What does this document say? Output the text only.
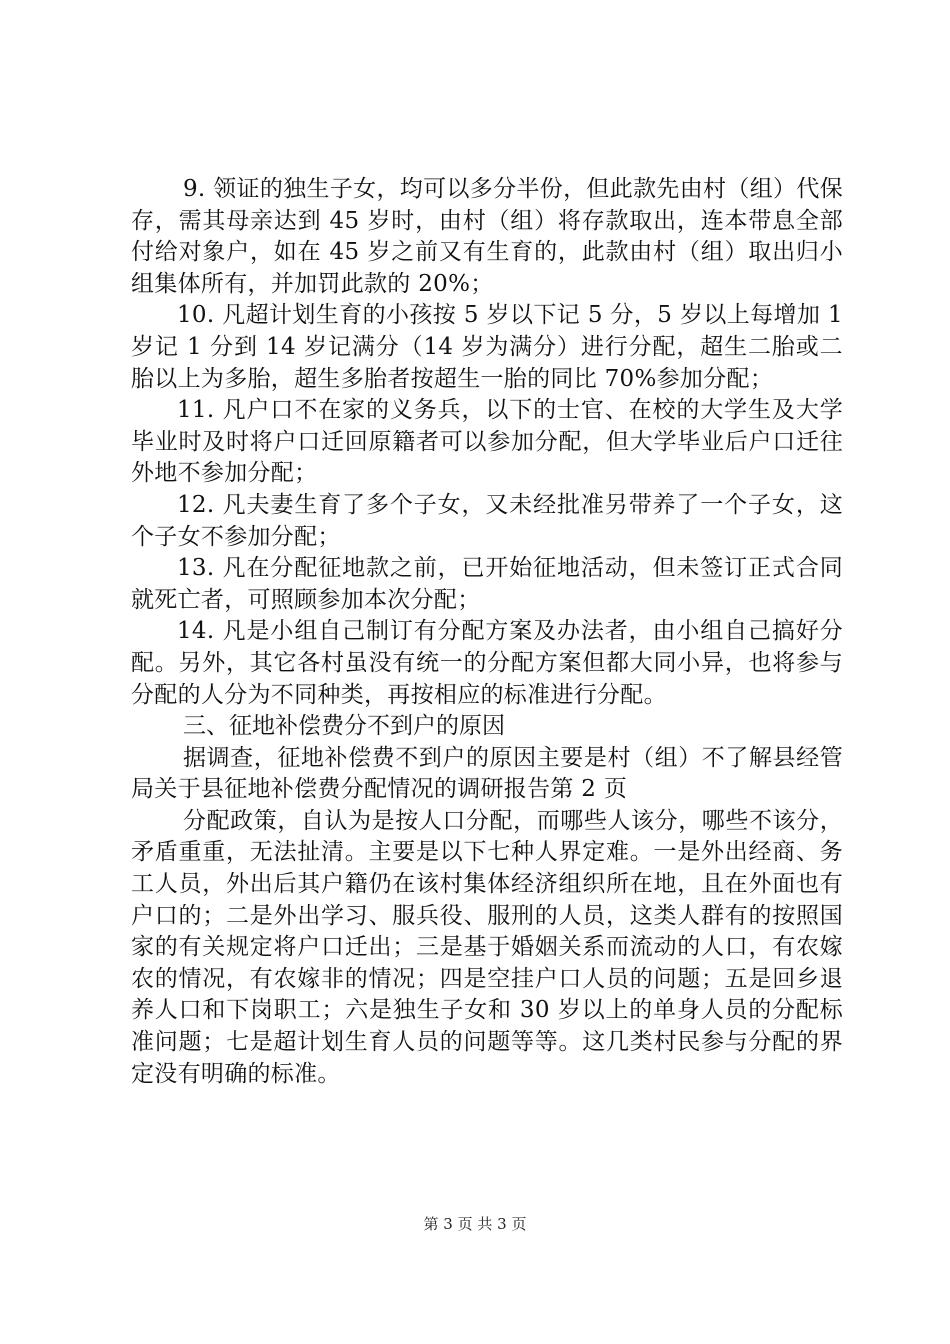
9. 领证的独生子女，均可以多分半份，但此款先由村（组）代保存，需其母亲达到 45 岁时，由村（组）将存款取出，连本带息全部付给对象户，如在 45 岁之前又有生育的，此款由村（组）取出归小组集体所有，并加罚此款的 20%；

10. 凡超计划生育的小孩按 5 岁以下记 5 分，5 岁以上每增加 1 岁记 1 分到 14 岁记满分（14 岁为满分）进行分配，超生二胎或二胎以上为多胎，超生多胎者按超生一胎的同比 70%参加分配；

11. 凡户口不在家的义务兵，以下的士官、在校的大学生及大学毕业时及时将户口迁回原籍者可以参加分配，但大学毕业后户口迁往外地不参加分配；

12. 凡夫妻生育了多个子女，又未经批准另带养了一个子女，这个子女不参加分配；

13. 凡在分配征地款之前，已开始征地活动，但未签订正式合同就死亡者，可照顾参加本次分配；

14. 凡是小组自己制订有分配方案及办法者，由小组自己搞好分配。另外，其它各村虽没有统一的分配方案但都大同小异，也将参与分配的人分为不同种类，再按相应的标准进行分配。

三、征地补偿费分不到户的原因

据调查，征地补偿费不到户的原因主要是村（组）不了解县经管局关于县征地补偿费分配情况的调研报告第 2 页

分配政策，自认为是按人口分配，而哪些人该分，哪些不该分，矛盾重重，无法扯清。主要是以下七种人界定难。一是外出经商、务工人员，外出后其户籍仍在该村集体经济组织所在地，且在外面也有户口的；二是外出学习、服兵役、服刑的人员，这类人群有的按照国家的有关规定将户口迁出；三是基于婚姻关系而流动的人口，有农嫁农的情况，有农嫁非的情况；四是空挂户口人员的问题；五是回乡退养人口和下岗职工；六是独生子女和 30 岁以上的单身人员的分配标准问题；七是超计划生育人员的问题等等。这几类村民参与分配的界定没有明确的标准。

第 3 页 共 3 页
